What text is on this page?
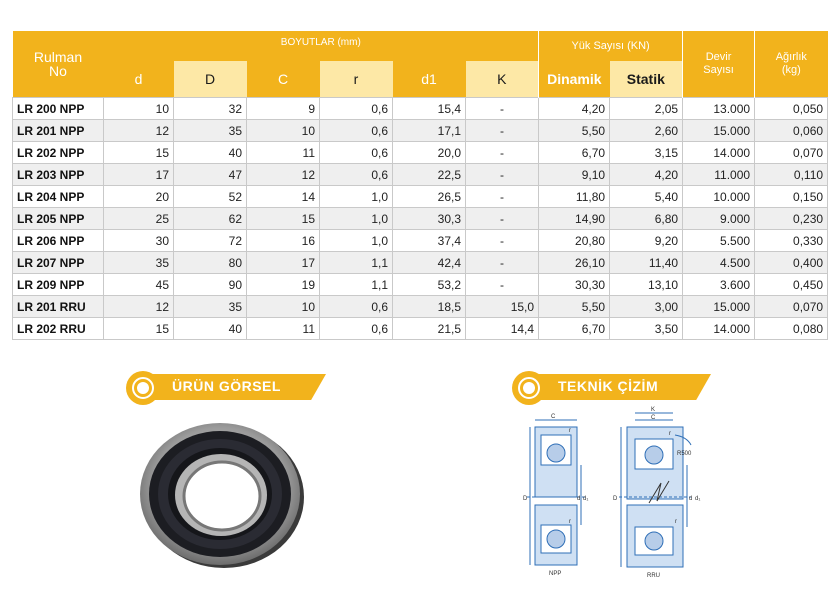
Rulman No	BOYUTLAR (mm)						Yük Sayısı (KN)		Devir Sayısı	Ağırlık (kg)
	d	D	C	r	d1	K	Dinamik	Statik		
LR 200 NPP	10	32	9	0,6	15,4	-	4,20	2,05	13.000	0,050
LR 201 NPP	12	35	10	0,6	17,1	-	5,50	2,60	15.000	0,060
LR 202 NPP	15	40	11	0,6	20,0	-	6,70	3,15	14.000	0,070
LR 203 NPP	17	47	12	0,6	22,5	-	9,10	4,20	11.000	0,110
LR 204 NPP	20	52	14	1,0	26,5	-	11,80	5,40	10.000	0,150
LR 205 NPP	25	62	15	1,0	30,3	-	14,90	6,80	9.000	0,230
LR 206 NPP	30	72	16	1,0	37,4	-	20,80	9,20	5.500	0,330
LR 207 NPP	35	80	17	1,1	42,4	-	26,10	11,40	4.500	0,400
LR 209 NPP	45	90	19	1,1	53,2	-	30,30	13,10	3.600	0,450
LR 201 RRU	12	35	10	0,6	18,5	15,0	5,50	3,00	15.000	0,070
LR 202 RRU	15	40	11	0,6	21,5	14,4	6,70	3,50	14.000	0,080
ÜRÜN GÖRSEL	TEKNİK ÇİZİM
C
r
D	d d₁
r
NPP
K
C
r
R500
D	d d₁
r
RRU
